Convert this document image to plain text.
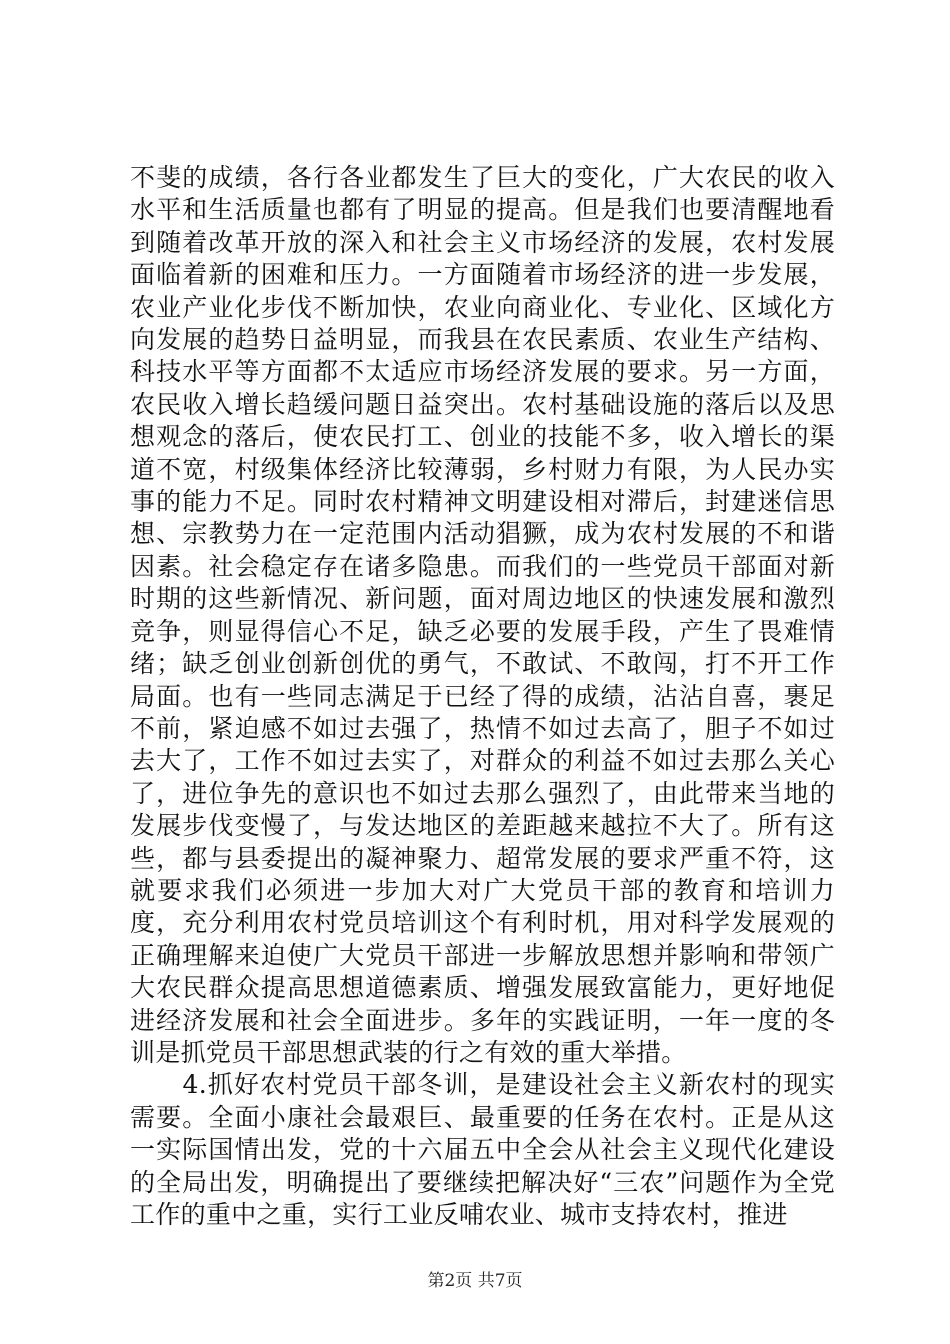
不斐的成绩，各行各业都发生了巨大的变化，广大农民的收入水平和生活质量也都有了明显的提高。但是我们也要清醒地看到随着改革开放的深入和社会主义市场经济的发展，农村发展面临着新的困难和压力。一方面随着市场经济的进一步发展，农业产业化步伐不断加快，农业向商业化、专业化、区域化方向发展的趋势日益明显，而我县在农民素质、农业生产结构、科技水平等方面都不太适应市场经济发展的要求。另一方面，农民收入增长趋缓问题日益突出。农村基础设施的落后以及思想观念的落后，使农民打工、创业的技能不多，收入增长的渠道不宽，村级集体经济比较薄弱，乡村财力有限，为人民办实事的能力不足。同时农村精神文明建设相对滞后，封建迷信思想、宗教势力在一定范围内活动猖獗，成为农村发展的不和谐因素。社会稳定存在诸多隐患。而我们的一些党员干部面对新时期的这些新情况、新问题，面对周边地区的快速发展和激烈竞争，则显得信心不足，缺乏必要的发展手段，产生了畏难情绪；缺乏创业创新创优的勇气，不敢试、不敢闯，打不开工作局面。也有一些同志满足于已经了得的成绩，沾沾自喜，裹足不前，紧迫感不如过去强了，热情不如过去高了，胆子不如过去大了，工作不如过去实了，对群众的利益不如过去那么关心了，进位争先的意识也不如过去那么强烈了，由此带来当地的发展步伐变慢了，与发达地区的差距越来越拉不大了。所有这些，都与县委提出的凝神聚力、超常发展的要求严重不符，这就要求我们必须进一步加大对广大党员干部的教育和培训力度，充分利用农村党员培训这个有利时机，用对科学发展观的正确理解来迫使广大党员干部进一步解放思想并影响和带领广大农民群众提高思想道德素质、增强发展致富能力，更好地促进经济发展和社会全面进步。多年的实践证明，一年一度的冬训是抓党员干部思想武装的行之有效的重大举措。

4.抓好农村党员干部冬训，是建设社会主义新农村的现实需要。全面小康社会最艰巨、最重要的任务在农村。正是从这一实际国情出发，党的十六届五中全会从社会主义现代化建设的全局出发，明确提出了要继续把解决好“三农”问题作为全党工作的重中之重，实行工业反哺农业、城市支持农村，推进

第2页 共7页
